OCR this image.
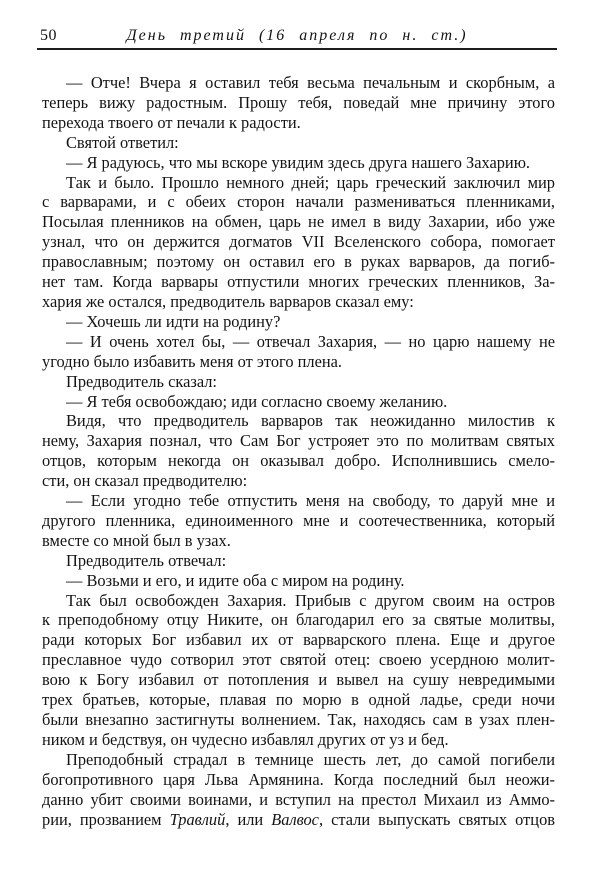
50	День третий (16 апреля по н. ст.)
— Отче! Вчера я оставил тебя весьма печальным и скорбным, а
теперь вижу радостным. Прошу тебя, поведай мне причину этого
перехода твоего от печали к радости.
Святой ответил:
— Я радуюсь, что мы вскоре увидим здесь друга нашего Захарию.
Так и было. Прошло немного дней; царь греческий заключил мир
с варварами, и с обеих сторон начали размениваться пленниками,
Посылая пленников на обмен, царь не имел в виду Захарии, ибо уже
узнал, что он держится догматов VII Вселенского собора, помогает
православным; поэтому он оставил его в руках варваров, да погиб-
нет там. Когда варвары отпустили многих греческих пленников, За-
хария же остался, предводитель варваров сказал ему:
— Хочешь ли идти на родину?
— И очень хотел бы, — отвечал Захария, — но царю нашему не
угодно было избавить меня от этого плена.
Предводитель сказал:
— Я тебя освобождаю; иди согласно своему желанию.
Видя, что предводитель варваров так неожиданно милостив к
нему, Захария познал, что Сам Бог устрояет это по молитвам святых
отцов, которым некогда он оказывал добро. Исполнившись смело-
сти, он сказал предводителю:
— Если угодно тебе отпустить меня на свободу, то даруй мне и
другого пленника, единоименного мне и соотечественника, который
вместе со мной был в узах.
Предводитель отвечал:
— Возьми и его, и идите оба с миром на родину.
Так был освобожден Захария. Прибыв с другом своим на остров
к преподобному отцу Никите, он благодарил его за святые молитвы,
ради которых Бог избавил их от варварского плена. Еще и другое
преславное чудо сотворил этот святой отец: своею усердною молит-
вою к Богу избавил от потопления и вывел на сушу невредимыми
трех братьев, которые, плавая по морю в одной ладье, среди ночи
были внезапно застигнуты волнением. Так, находясь сам в узах плен-
ником и бедствуя, он чудесно избавлял других от уз и бед.
Преподобный страдал в темнице шесть лет, до самой погибели
богопротивного царя Льва Армянина. Когда последний был неожи-
данно убит своими воинами, и вступил на престол Михаил из Аммо-
рии, прозванием Травлий, или Валвос, стали выпускать святых отцов
